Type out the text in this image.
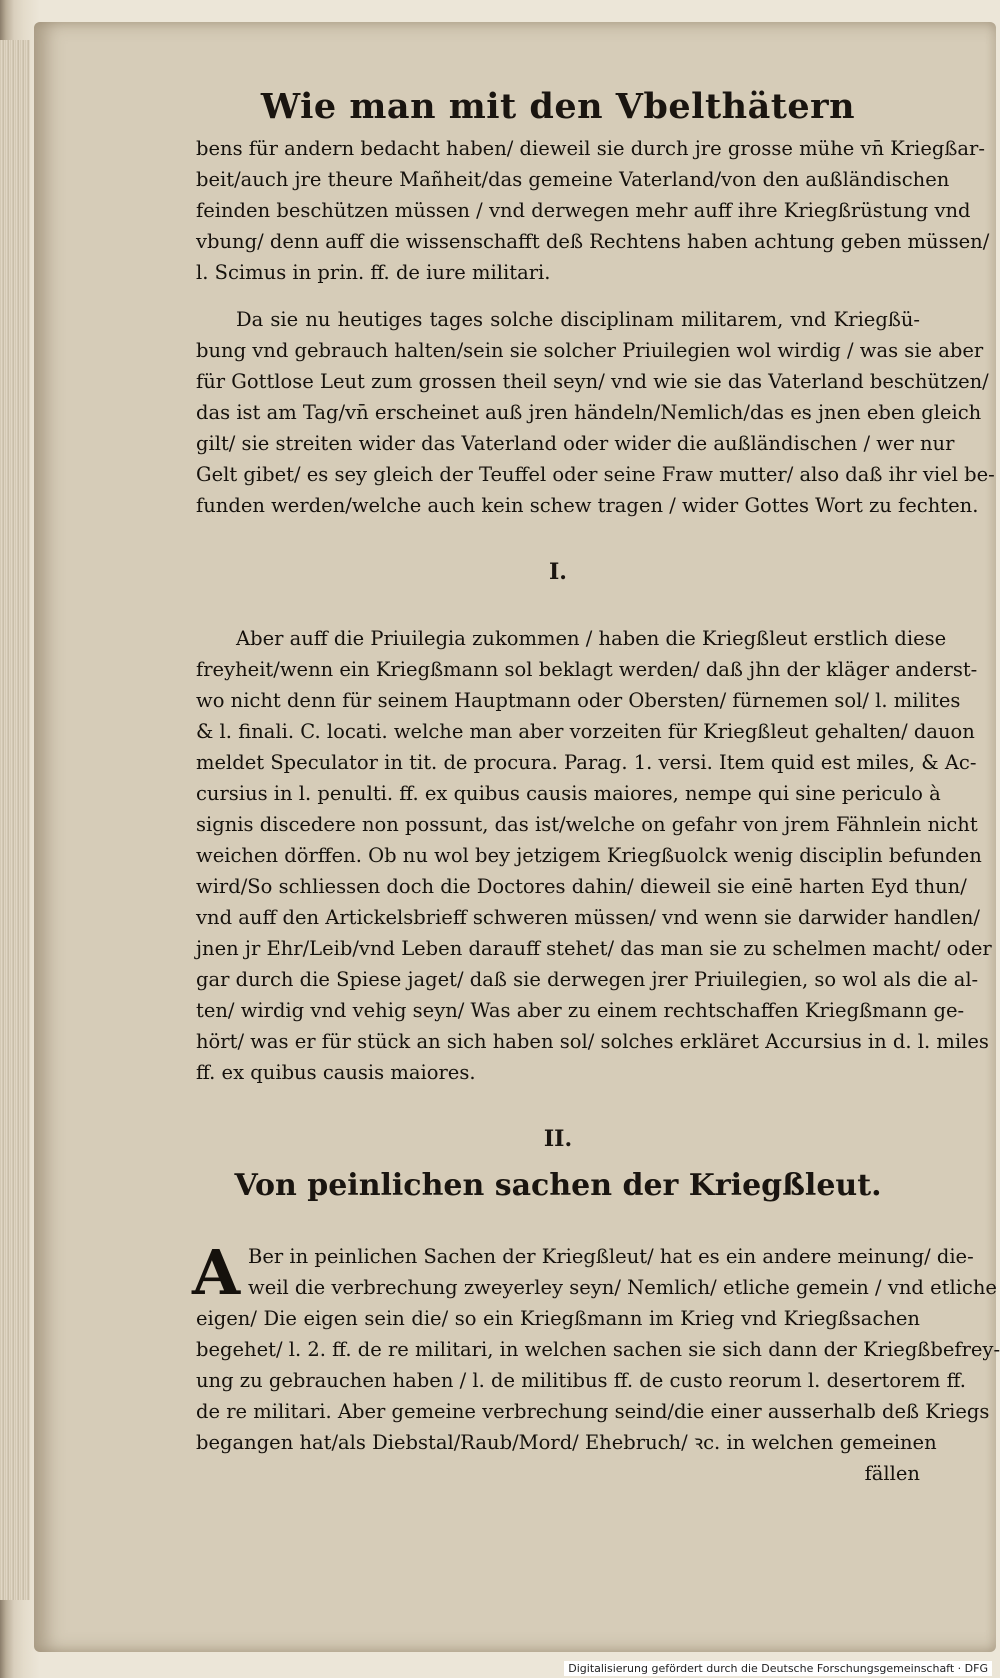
Wie man mit den Vbelthätern
bens für andern bedacht haben/ dieweil sie durch jre grosse mühe vn̄ Kriegßar-
beit/auch jre theure Mañheit/das gemeine Vaterland/von den außländischen
feinden beschützen müssen / vnd derwegen mehr auff ihre Kriegßrüstung vnd
vbung/ denn auff die wissenschafft deß Rechtens haben achtung geben müssen/
l. Scimus in prin. ff. de iure militari.
Da sie nu heutiges tages solche disciplinam militarem, vnd Kriegßü-
bung vnd gebrauch halten/sein sie solcher Priuilegien wol wirdig / was sie aber
für Gottlose Leut zum grossen theil seyn/ vnd wie sie das Vaterland beschützen/
das ist am Tag/vn̄ erscheinet auß jren händeln/Nemlich/das es jnen eben gleich
gilt/ sie streiten wider das Vaterland oder wider die außländischen / wer nur
Gelt gibet/ es sey gleich der Teuffel oder seine Fraw mutter/ also daß ihr viel be-
funden werden/welche auch kein schew tragen / wider Gottes Wort zu fechten.
I.
Aber auff die Priuilegia zukommen / haben die Kriegßleut erstlich diese
freyheit/wenn ein Kriegßmann sol beklagt werden/ daß jhn der kläger anderst-
wo nicht denn für seinem Hauptmann oder Obersten/ fürnemen sol/ l. milites
& l. finali. C. locati. welche man aber vorzeiten für Kriegßleut gehalten/ dauon
meldet Speculator in tit. de procura. Parag. 1. versi. Item quid est miles, & Ac-
cursius in l. penulti. ff. ex quibus causis maiores, nempe qui sine periculo à
signis discedere non possunt, das ist/welche on gefahr von jrem Fähnlein nicht
weichen dörffen. Ob nu wol bey jetzigem Kriegßuolck wenig disciplin befunden
wird/So schliessen doch die Doctores dahin/ dieweil sie einē harten Eyd thun/
vnd auff den Artickelsbrieff schweren müssen/ vnd wenn sie darwider handlen/
jnen jr Ehr/Leib/vnd Leben darauff stehet/ das man sie zu schelmen macht/ oder
gar durch die Spiese jaget/ daß sie derwegen jrer Priuilegien, so wol als die al-
ten/ wirdig vnd vehig seyn/ Was aber zu einem rechtschaffen Kriegßmann ge-
hört/ was er für stück an sich haben sol/ solches erkläret Accursius in d. l. miles
ff. ex quibus causis maiores.
II.
Von peinlichen sachen der Kriegßleut.
A Ber in peinlichen Sachen der Kriegßleut/ hat es ein andere meinung/ die-
weil die verbrechung zweyerley seyn/ Nemlich/ etliche gemein / vnd etliche
eigen/ Die eigen sein die/ so ein Kriegßmann im Krieg vnd Kriegßsachen
begehet/ l. 2. ff. de re militari, in welchen sachen sie sich dann der Kriegßbefrey-
ung zu gebrauchen haben / l. de militibus ff. de custo reorum l. desertorem ff.
de re militari. Aber gemeine verbrechung seind/die einer ausserhalb deß Kriegs
begangen hat/als Diebstal/Raub/Mord/ Ehebruch/ ꝛc. in welchen gemeinen
fällen
Digitalisierung gefördert durch die Deutsche Forschungsgemeinschaft · DFG
